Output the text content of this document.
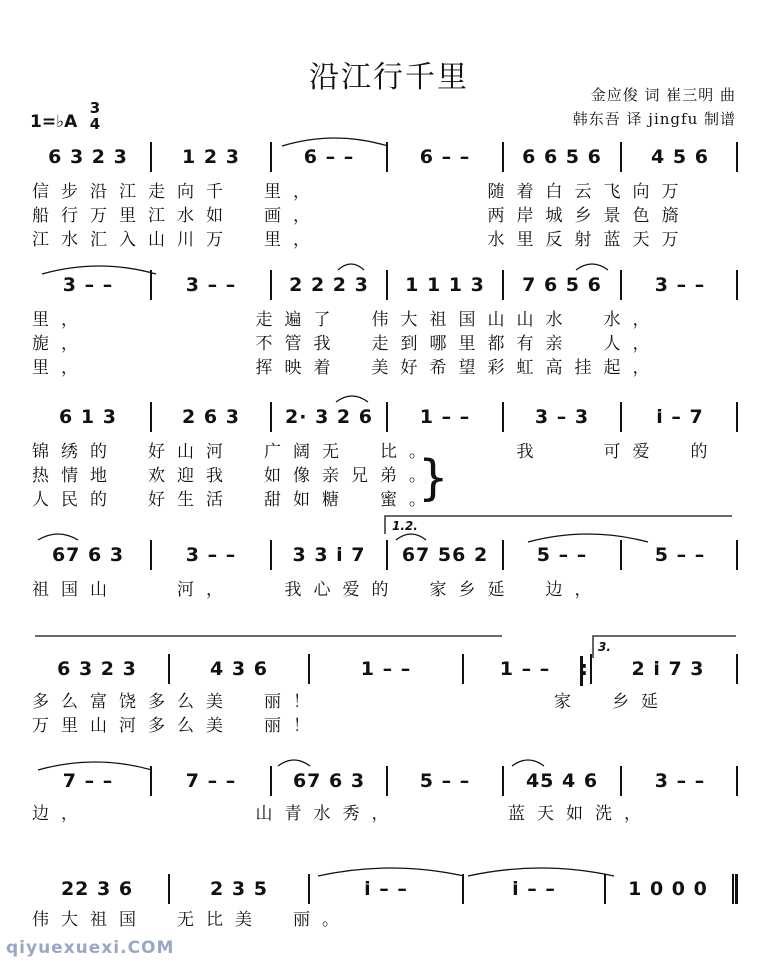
沿江行千里	金应俊 词 崔三明 曲
韩东吾 译 jingfu 制谱
1=♭A
3
4
6 3 2 3	1 2 3	6 – –	6 – –	6 6 5 6	4 5 6
信步沿江走向千　里，　　　　　　随着白云飞向万
船行万里江水如　画，　　　　　　两岸城乡景色旖
江水汇入山川万　里，　　　　　　水里反射蓝天万
3 – –	3 – –	2 2 2 3	1 1 1 3	7 6 5 6	3 – –
里，　　　　　　走遍了　伟大祖国山山水　水，
旎，　　　　　　不管我　走到哪里都有亲　人，
里，　　　　　　挥映着　美好希望彩虹高挂起，
6 1 3	2 6 3	2· 3 2 6	1 – –	3 – 3	i – 7
锦绣的　好山河　广阔无　比。　　　我　　可爱　的
热情地　欢迎我　如像亲兄弟。
人民的　好生活　甜如糖　蜜。
}
1.2.
67 6 3	3 – –	3 3 i 7	67 56 2	5 – –	5 – –
祖国山　　河，　　我心爱的　家乡延　边，
3.
6 3 2 3	4 3 6	1 – –	1 – –
:	2 i 7 3
多么富饶多么美　丽！　　　　　　　　家　乡延
万里山河多么美　丽！
7 – –	7 – –	67 6 3	5 – –	45 4 6	3 – –
边，　　　　　　山青水秀，　　　　蓝天如洗，
22 3 6	2 3 5	i – –	i – –	1 0 0 0
伟大祖国　无比美　丽。
qiyuexuexi.COM
